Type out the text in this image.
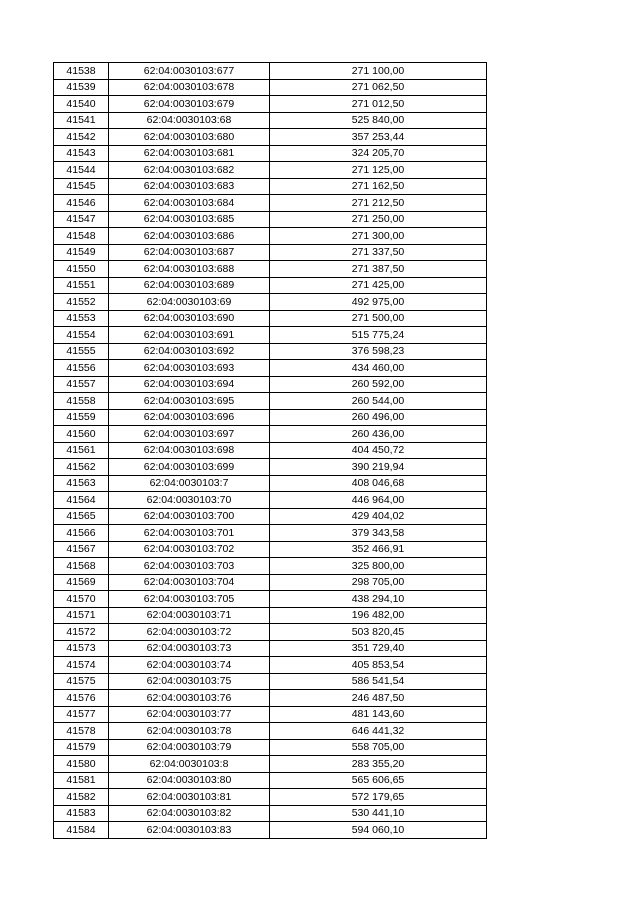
41538	62:04:0030103:677	271 100,00
41539	62:04:0030103:678	271 062,50
41540	62:04:0030103:679	271 012,50
41541	62:04:0030103:68	525 840,00
41542	62:04:0030103:680	357 253,44
41543	62:04:0030103:681	324 205,70
41544	62:04:0030103:682	271 125,00
41545	62:04:0030103:683	271 162,50
41546	62:04:0030103:684	271 212,50
41547	62:04:0030103:685	271 250,00
41548	62:04:0030103:686	271 300,00
41549	62:04:0030103:687	271 337,50
41550	62:04:0030103:688	271 387,50
41551	62:04:0030103:689	271 425,00
41552	62:04:0030103:69	492 975,00
41553	62:04:0030103:690	271 500,00
41554	62:04:0030103:691	515 775,24
41555	62:04:0030103:692	376 598,23
41556	62:04:0030103:693	434 460,00
41557	62:04:0030103:694	260 592,00
41558	62:04:0030103:695	260 544,00
41559	62:04:0030103:696	260 496,00
41560	62:04:0030103:697	260 436,00
41561	62:04:0030103:698	404 450,72
41562	62:04:0030103:699	390 219,94
41563	62:04:0030103:7	408 046,68
41564	62:04:0030103:70	446 964,00
41565	62:04:0030103:700	429 404,02
41566	62:04:0030103:701	379 343,58
41567	62:04:0030103:702	352 466,91
41568	62:04:0030103:703	325 800,00
41569	62:04:0030103:704	298 705,00
41570	62:04:0030103:705	438 294,10
41571	62:04:0030103:71	196 482,00
41572	62:04:0030103:72	503 820,45
41573	62:04:0030103:73	351 729,40
41574	62:04:0030103:74	405 853,54
41575	62:04:0030103:75	586 541,54
41576	62:04:0030103:76	246 487,50
41577	62:04:0030103:77	481 143,60
41578	62:04:0030103:78	646 441,32
41579	62:04:0030103:79	558 705,00
41580	62:04:0030103:8	283 355,20
41581	62:04:0030103:80	565 606,65
41582	62:04:0030103:81	572 179,65
41583	62:04:0030103:82	530 441,10
41584	62:04:0030103:83	594 060,10
